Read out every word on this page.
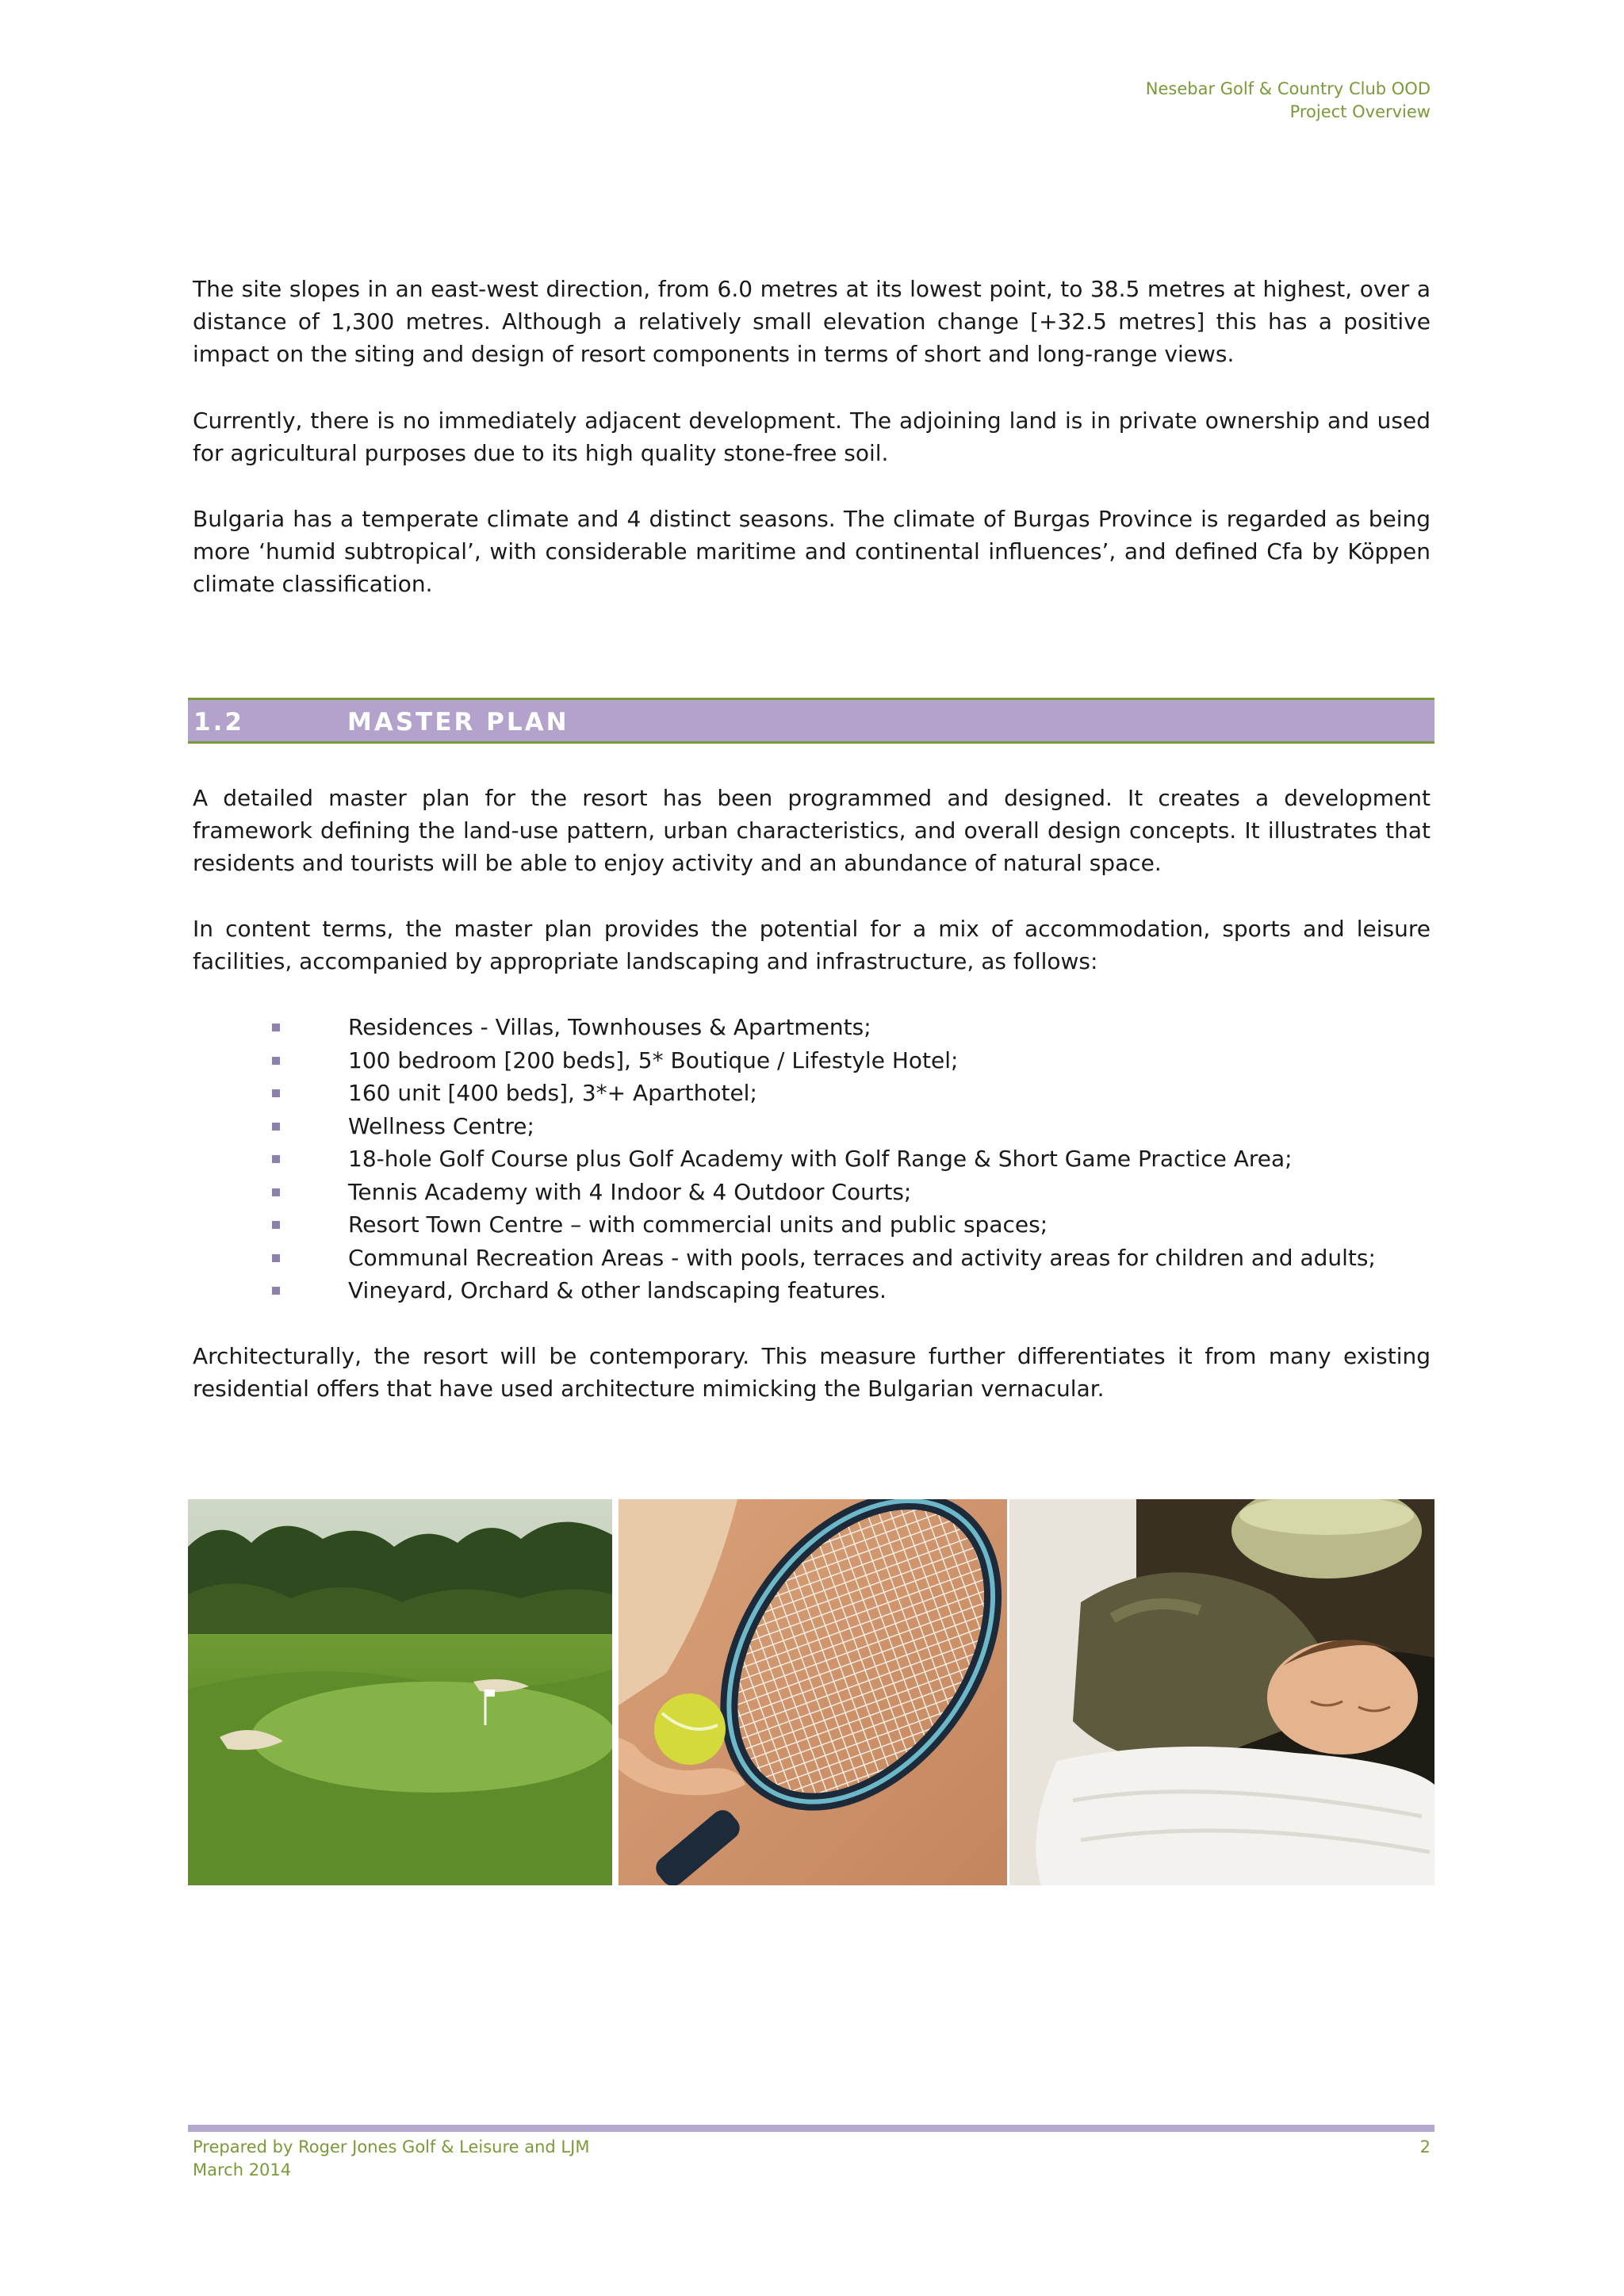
Nesebar Golf & Country Club OOD
Project Overview

The site slopes in an east-west direction, from 6.0 metres at its lowest point, to 38.5 metres at highest, over a distance of 1,300 metres. Although a relatively small elevation change [+32.5 metres] this has a positive impact on the siting and design of resort components in terms of short and long-range views.

Currently, there is no immediately adjacent development. The adjoining land is in private ownership and used for agricultural purposes due to its high quality stone-free soil.

Bulgaria has a temperate climate and 4 distinct seasons. The climate of Burgas Province is regarded as being more ‘humid subtropical’, with considerable maritime and continental influences’, and defined Cfa by Köppen climate classification.

1.2	MASTER PLAN

A detailed master plan for the resort has been programmed and designed. It creates a development framework defining the land-use pattern, urban characteristics, and overall design concepts. It illustrates that residents and tourists will be able to enjoy activity and an abundance of natural space.

In content terms, the master plan provides the potential for a mix of accommodation, sports and leisure facilities, accompanied by appropriate landscaping and infrastructure, as follows:

Residences - Villas, Townhouses & Apartments;
100 bedroom [200 beds], 5* Boutique / Lifestyle Hotel;
160 unit [400 beds], 3*+ Aparthotel;
Wellness Centre;
18-hole Golf Course plus Golf Academy with Golf Range & Short Game Practice Area;
Tennis Academy with 4 Indoor & 4 Outdoor Courts;
Resort Town Centre – with commercial units and public spaces;
Communal Recreation Areas - with pools, terraces and activity areas for children and adults;
Vineyard, Orchard & other landscaping features.

Architecturally, the resort will be contemporary. This measure further differentiates it from many existing residential offers that have used architecture mimicking the Bulgarian vernacular.

Prepared by Roger Jones Golf & Leisure and LJM
March 2014
2
